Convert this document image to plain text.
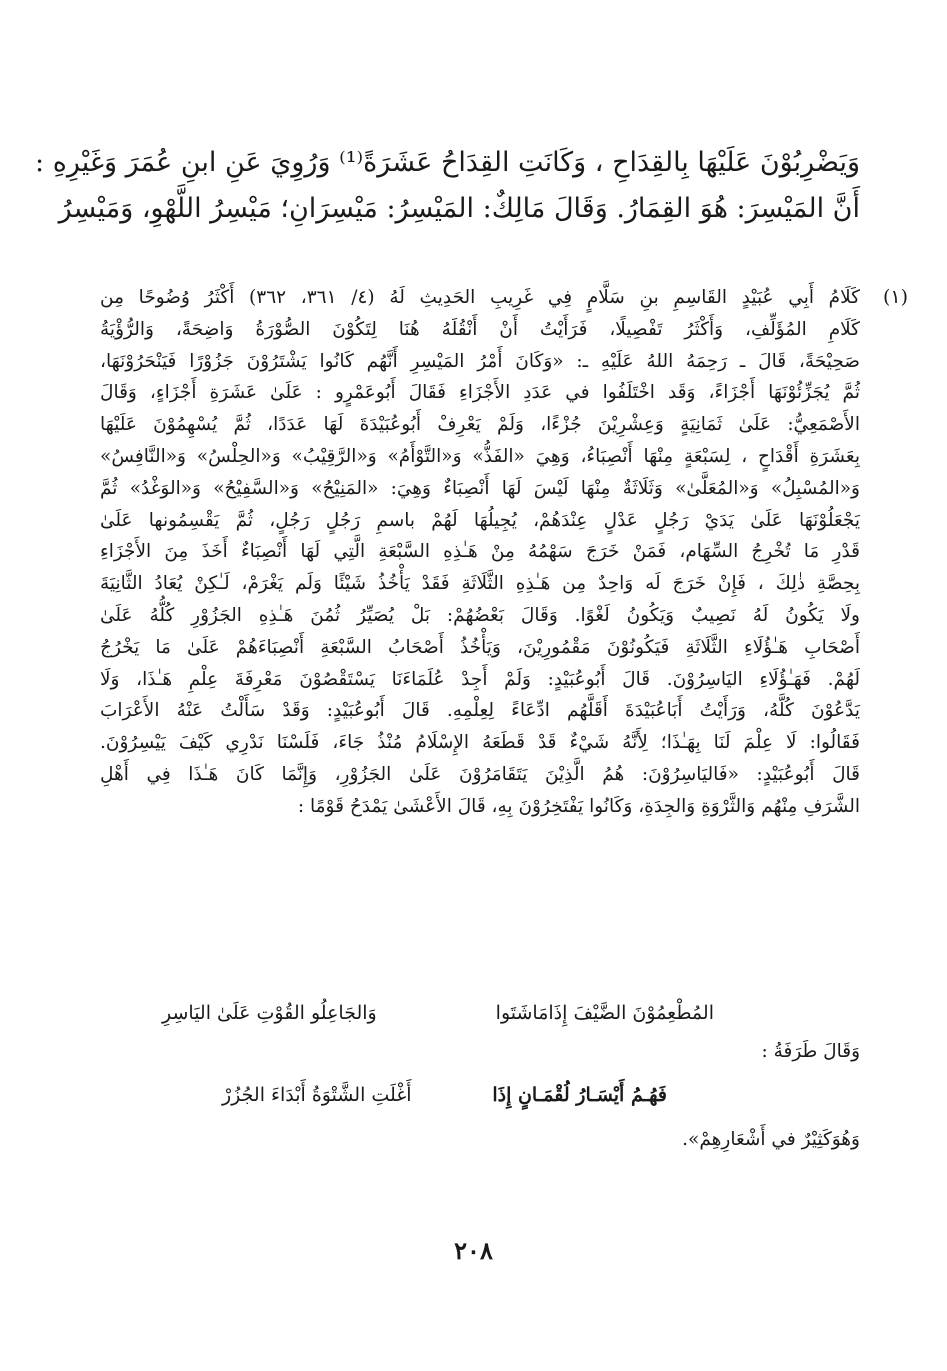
وَيَضْرِبُوْنَ عَلَيْهَا بِالقِدَاحِ ، وَكَانَتِ القِدَاحُ عَشَرَةً⁽¹⁾ وَرُوِيَ عَنِ ابنِ عُمَرَ وَغَيْرِهِ :
أَنَّ المَيْسِرَ: هُوَ القِمَارُ. وَقَالَ مَالِكٌ: المَيْسِرُ: مَيْسِرَانِ؛ مَيْسِرُ اللَّهْوِ، وَمَيْسِرُ
(١)
كَلَامُ أَبِي عُبَيْدٍ القَاسِمِ بنِ سَلَّامٍ فِي غَرِيبِ الحَدِيثِ لَهُ (٤/ ٣٦١، ٣٦٢) أَكْثَرُ وُضُوحًا مِن
كَلَامِ المُؤَلِّفِ، وَأَكْثَرُ تَفْصِيلًا، فَرَأَيْتُ أَنْ أَنْقُلَهُ هُنَا لِتَكُوْنَ الصُّوْرَةُ وَاضِحَةً، وَالرُّؤْيَةُ
صَحِيْحَةً، قَالَ ـ رَحِمَهُ اللهُ عَلَيْهِ ـ: «وَكَانَ أَمْرُ المَيْسِرِ أَنَّهُم كَانُوا يَشْتَرُوْنَ جَزُوْرًا فَيَنْحَرُوْنَهَا،
ثُمَّ يُجَزِّئُوْنَهَا أَجْزَاءً، وَقَد اخْتَلَفُوا في عَدَدِ الأَجْزَاءِ فَقَالَ أَبُوعَمْرٍو : عَلَىٰ عَشَرَةِ أَجْزَاءٍ، وَقَالَ
الأَصْمَعِيُّ: عَلَىٰ ثَمَانِيَةٍ وَعِشْرِيْنَ جُزْءًا، وَلَمْ يَعْرِفْ أَبُوعُبَيْدَةَ لَهَا عَدَدًا، ثُمَّ يُسْهِمُوْنَ عَلَيْهَا
بِعَشَرَةِ أَقْدَاحٍ ، لِسَبْعَةٍ مِنْهَا أَنْصِبَاءُ، وَهِيَ «الفَذُّ» وَ«التَّوْأَمُ» وَ«الرَّقِيْبُ» وَ«الحِلْسُ» وَ«النَّافِسُ»
وَ«المُسْبِلُ» وَ«المُعَلَّىٰ» وَثَلَاثَةٌ مِنْهَا لَيْسَ لَهَا أَنْصِبَاءٌ وَهِيَ: «المَنِيْحُ» وَ«السَّفِيْحُ» وَ«الوَغْدُ» ثُمَّ
يَجْعَلُوْنَهَا عَلَىٰ يَدَيْ رَجُلٍ عَدْلٍ عِنْدَهُمْ، يُجِيلُهَا لَهُمْ باسمِ رَجُلٍ رَجُلٍ، ثُمَّ يَقْسِمُونها عَلَىٰ
قَدْرِ مَا تُخْرِجُ السِّهَام، فَمَنْ خَرَجَ سَهْمُهُ مِنْ هَـٰذِهِ السَّبْعَةِ الَّتِي لَهَا أَنْصِبَاءٌ أَخَذَ مِنَ الأَجْزَاءِ
بِحِصَّةِ ذٰلِكَ ، فَإِنْ خَرَجَ لَه وَاحِدٌ مِن هَـٰذِهِ الثَّلَاثَةِ فَقَدْ يَأْخُذُ شَيْئًا وَلَم يَغْرَمْ، لَـٰكِنْ يُعَادُ الثَّانِيَةَ
ولَا يَكُونُ لَهُ نَصِيبٌ وَيَكُونُ لَغْوًا. وَقَالَ بَعْضُهُمْ: بَلْ يُصَيِّرُ ثُمُنَ هَـٰذِهِ الجَزُوْرِ كُلُّهُ عَلَىٰ
أَصْحَابِ هَـٰؤُلَاءِ الثَّلَاثَةِ فَيَكُونُوْنَ مَقْمُورِيْنَ، وَيَأْخُذُ أَصْحَابُ السَّبْعَةِ أَنْصِبَاءَهُمْ عَلَىٰ مَا يَخْرُجُ
لَهُمْ. فَهَـٰؤُلَاءِ اليَاسِرُوْنَ. قَالَ أَبُوعُبَيْدٍ: وَلَمْ أَجِدْ عُلَمَاءَنَا يَسْتَقْصُوْنَ مَعْرِفَةَ عِلْمِ هَـٰذَا، وَلَا
يَدَّعُوْنَ كُلَّهُ، وَرَأَيْتُ أَبَاعُبَيْدَةَ أَقَلَّهُم ادِّعَاءً لِعِلْمِهِ. قَالَ أَبُوعُبَيْدٍ: وَقَدْ سَأَلْتُ عَنْهُ الأَعْرَابَ
فَقَالُوا: لَا عِلْمَ لَنَا بِهَـٰذَا؛ لِأَنَّهُ شَيْءٌ قَدْ قَطَعَهُ الإِسْلَامُ مُنْذُ جَاءَ، فَلَسْنَا نَدْرِي كَيْفَ يَيْسِرُوْنَ.
قَالَ أَبُوعُبَيْدٍ: «فَاليَاسِرُوْنَ: هُمُ الَّذِيْنَ يَتَقَامَرُوْنَ عَلَىٰ الجَزُوْرِ، وَإِنَّمَا كَانَ هَـٰذَا فِي أَهْلِ
الشَّرَفِ مِنْهُم وَالثَّرْوَةِ وَالجِدَةِ، وَكَانُوا يَفْتَخِرُوْنَ بِهِ، قَالَ الأَعْشَىٰ يَمْدَحُ قَوْمًا :
المُطْعِمُوْنَ الضَّيْفَ إِذَامَاشَتَوا
وَالجَاعِلُو القُوْتِ عَلَىٰ اليَاسِرِ
وَقَالَ طَرَفَةُ :
فَهُـمُ أَيْسَـارُ لُقْمَـانٍ إِذَا
أَغْلَتِ الشَّتْوَةُ أَبْدَاءَ الجُزُرْ
وَهُوَكَثِيْرٌ في أَشْعَارِهِمْ».
٢٠٨
